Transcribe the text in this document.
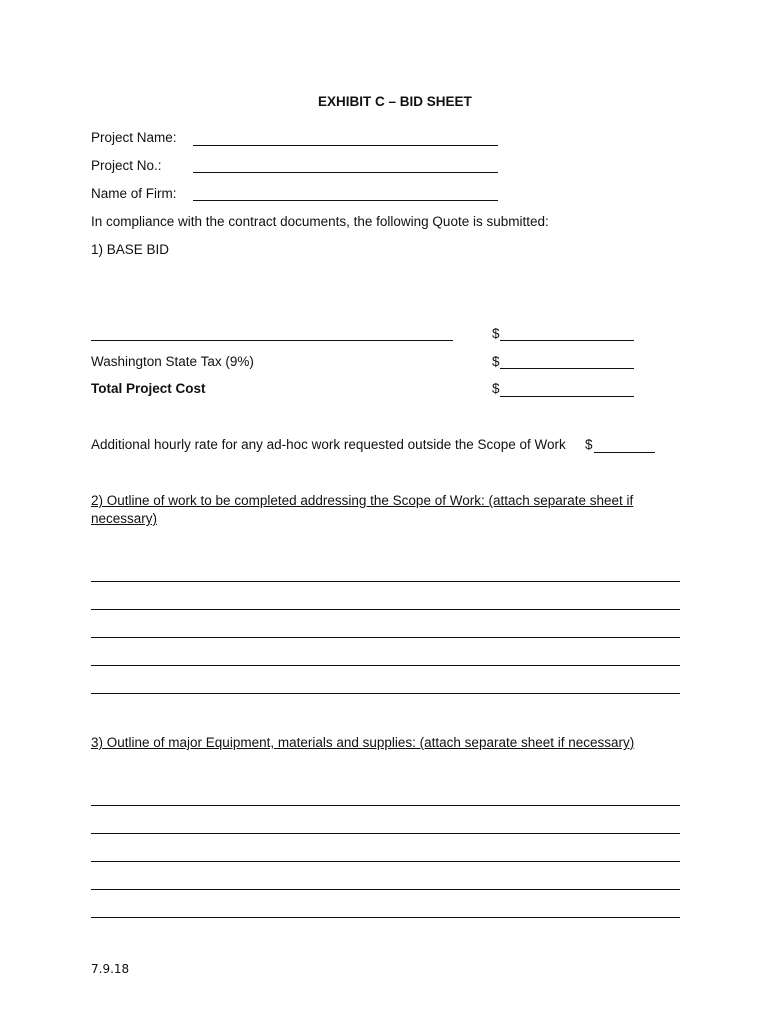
EXHIBIT C – BID SHEET
Project Name:
Project No.:
Name of Firm:
In compliance with the contract documents, the following Quote is submitted:
1) BASE BID
$
Washington State Tax (9%)	$
Total Project Cost	$
Additional hourly rate for any ad-hoc work requested outside the Scope of Work $
2) Outline of work to be completed addressing the Scope of Work: (attach separate sheet if
necessary)
3) Outline of major Equipment, materials and supplies: (attach separate sheet if necessary)
7.9.18
